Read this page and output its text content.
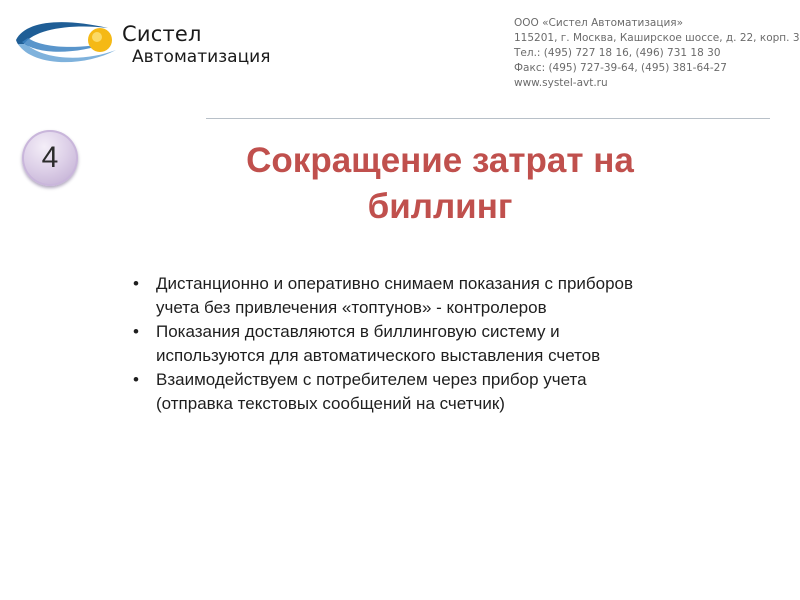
Систел
Автоматизация
ООО «Систел Автоматизация»
115201, г. Москва, Каширское шоссе, д. 22, корп. 3
Тел.: (495) 727 18 16, (496) 731 18 30
Факс: (495) 727-39-64, (495) 381-64-27
www.systel-avt.ru
4	Сокращение затрат на
биллинг
• Дистанционно и оперативно снимаем показания с приборов
учета без привлечения «топтунов» - контролеров
• Показания доставляются в биллинговую систему и
используются для автоматического выставления счетов
• Взаимодействуем с потребителем через прибор учета
(отправка текстовых сообщений на счетчик)
